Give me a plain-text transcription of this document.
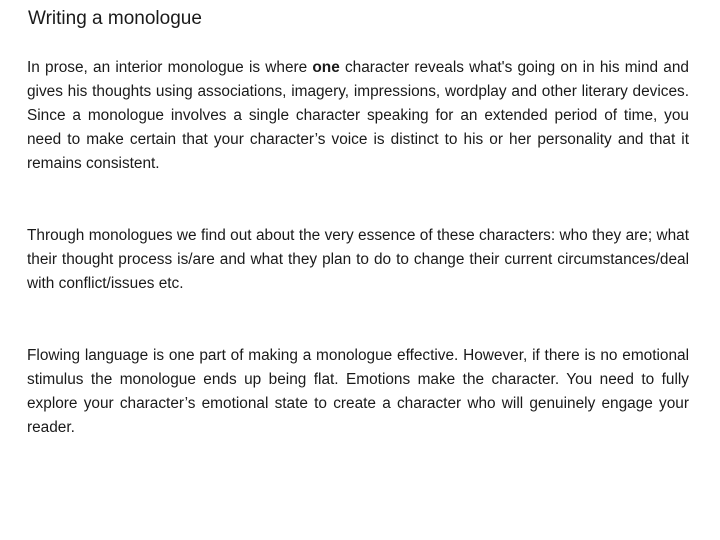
Writing a monologue

In prose, an interior monologue is where one character reveals what's going on in his mind and gives his thoughts using associations, imagery, impressions, wordplay and other literary devices. Since a monologue involves a single character speaking for an extended period of time, you need to make certain that your character’s voice is distinct to his or her personality and that it remains consistent.

Through monologues we find out about the very essence of these characters: who they are; what their thought process is/are and what they plan to do to change their current circumstances/deal with conflict/issues etc.

Flowing language is one part of making a monologue effective. However, if there is no emotional stimulus the monologue ends up being flat. Emotions make the character. You need to fully explore your character’s emotional state to create a character who will genuinely engage your reader.
